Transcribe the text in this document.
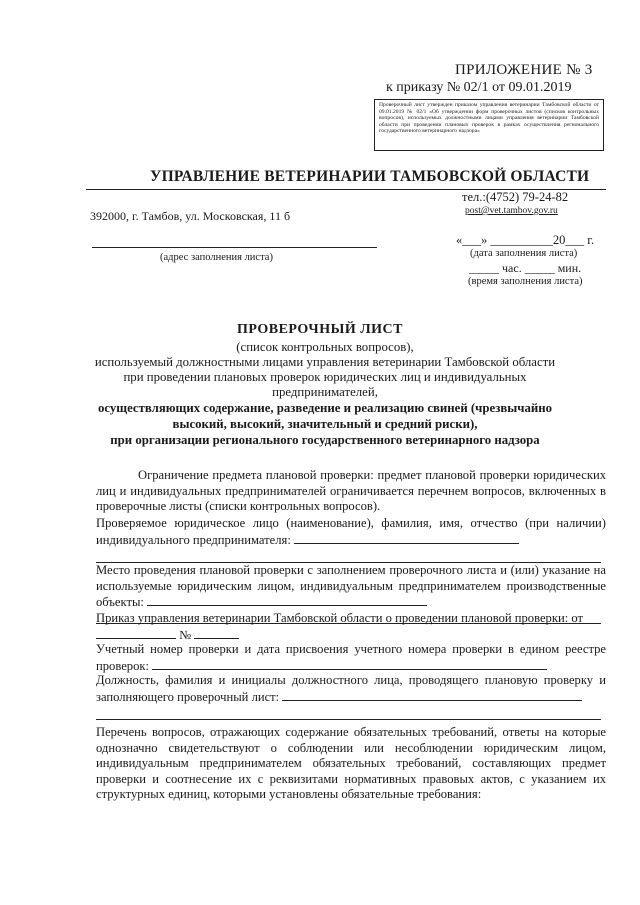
ПРИЛОЖЕНИЕ № 3
к приказу № 02/1 от 09.01.2019
Проверочный лист утвержден приказом управления ветеринарии Тамбовской области от 09.01.2019 № 02/1 «Об утверждении форм проверочных листов (списков контрольных вопросов), используемых должностными лицами управления ветеринарии Тамбовской области при проведении плановых проверок в рамках осуществления регионального государственного ветеринарного надзора»
УПРАВЛЕНИЕ ВЕТЕРИНАРИИ ТАМБОВСКОЙ ОБЛАСТИ
тел.:(4752) 79-24-82
post@vet.tambov.gov.ru
392000, г. Тамбов, ул. Московская, 11 б
(адрес заполнения листа)
«___» __________20___ г.
(дата заполнения листа)
_____ час. _____ мин.
(время заполнения листа)
ПРОВЕРОЧНЫЙ ЛИСТ
(список контрольных вопросов),
используемый должностными лицами управления ветеринарии Тамбовской области
при проведении плановых проверок юридических лиц и индивидуальных
предпринимателей,
осуществляющих содержание, разведение и реализацию свиней (чрезвычайно
высокий, высокий, значительный и средний риски),
при организации регионального государственного ветеринарного надзора
Ограничение предмета плановой проверки: предмет плановой проверки юридических лиц и индивидуальных предпринимателей ограничивается перечнем вопросов, включенных в проверочные листы (списки контрольных вопросов).
Проверяемое юридическое лицо (наименование), фамилия, имя, отчество (при наличии) индивидуального предпринимателя:
Место проведения плановой проверки с заполнением проверочного листа и (или) указание на используемые юридическим лицом, индивидуальным предпринимателем производственные объекты:
Приказ управления ветеринарии Тамбовской области о проведении плановой проверки: от
№
Учетный номер проверки и дата присвоения учетного номера проверки в едином реестре проверок:
Должность, фамилия и инициалы должностного лица, проводящего плановую проверку и заполняющего проверочный лист:
Перечень вопросов, отражающих содержание обязательных требований, ответы на которые однозначно свидетельствуют о соблюдении или несоблюдении юридическим лицом, индивидуальным предпринимателем обязательных требований, составляющих предмет проверки и соотнесение их с реквизитами нормативных правовых актов, с указанием их структурных единиц, которыми установлены обязательные требования:
